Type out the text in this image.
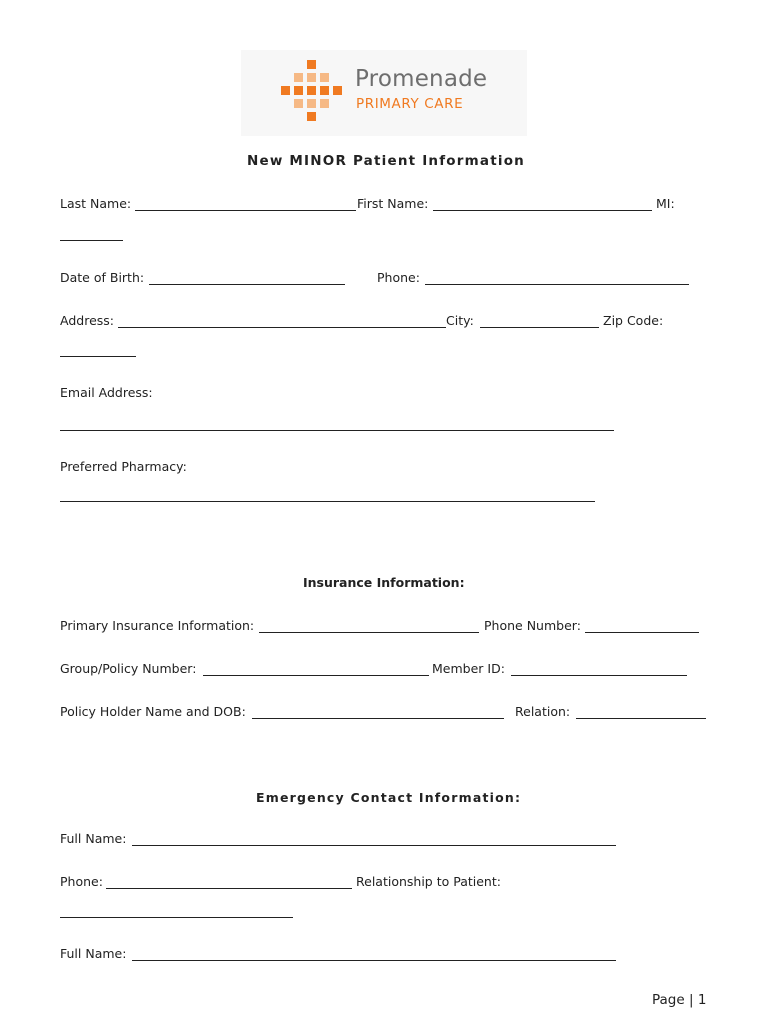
Promenade
PRIMARY CARE
New MINOR Patient Information
Last Name:	First Name:	MI:
Date of Birth:	Phone:
Address:	City:	Zip Code:
Email Address:
Preferred Pharmacy:
Insurance Information:
Primary Insurance Information:	Phone Number:
Group/Policy Number:	Member ID:
Policy Holder Name and DOB:	Relation:
Emergency Contact Information:
Full Name:
Phone:	Relationship to Patient:
Full Name:
Page | 1
